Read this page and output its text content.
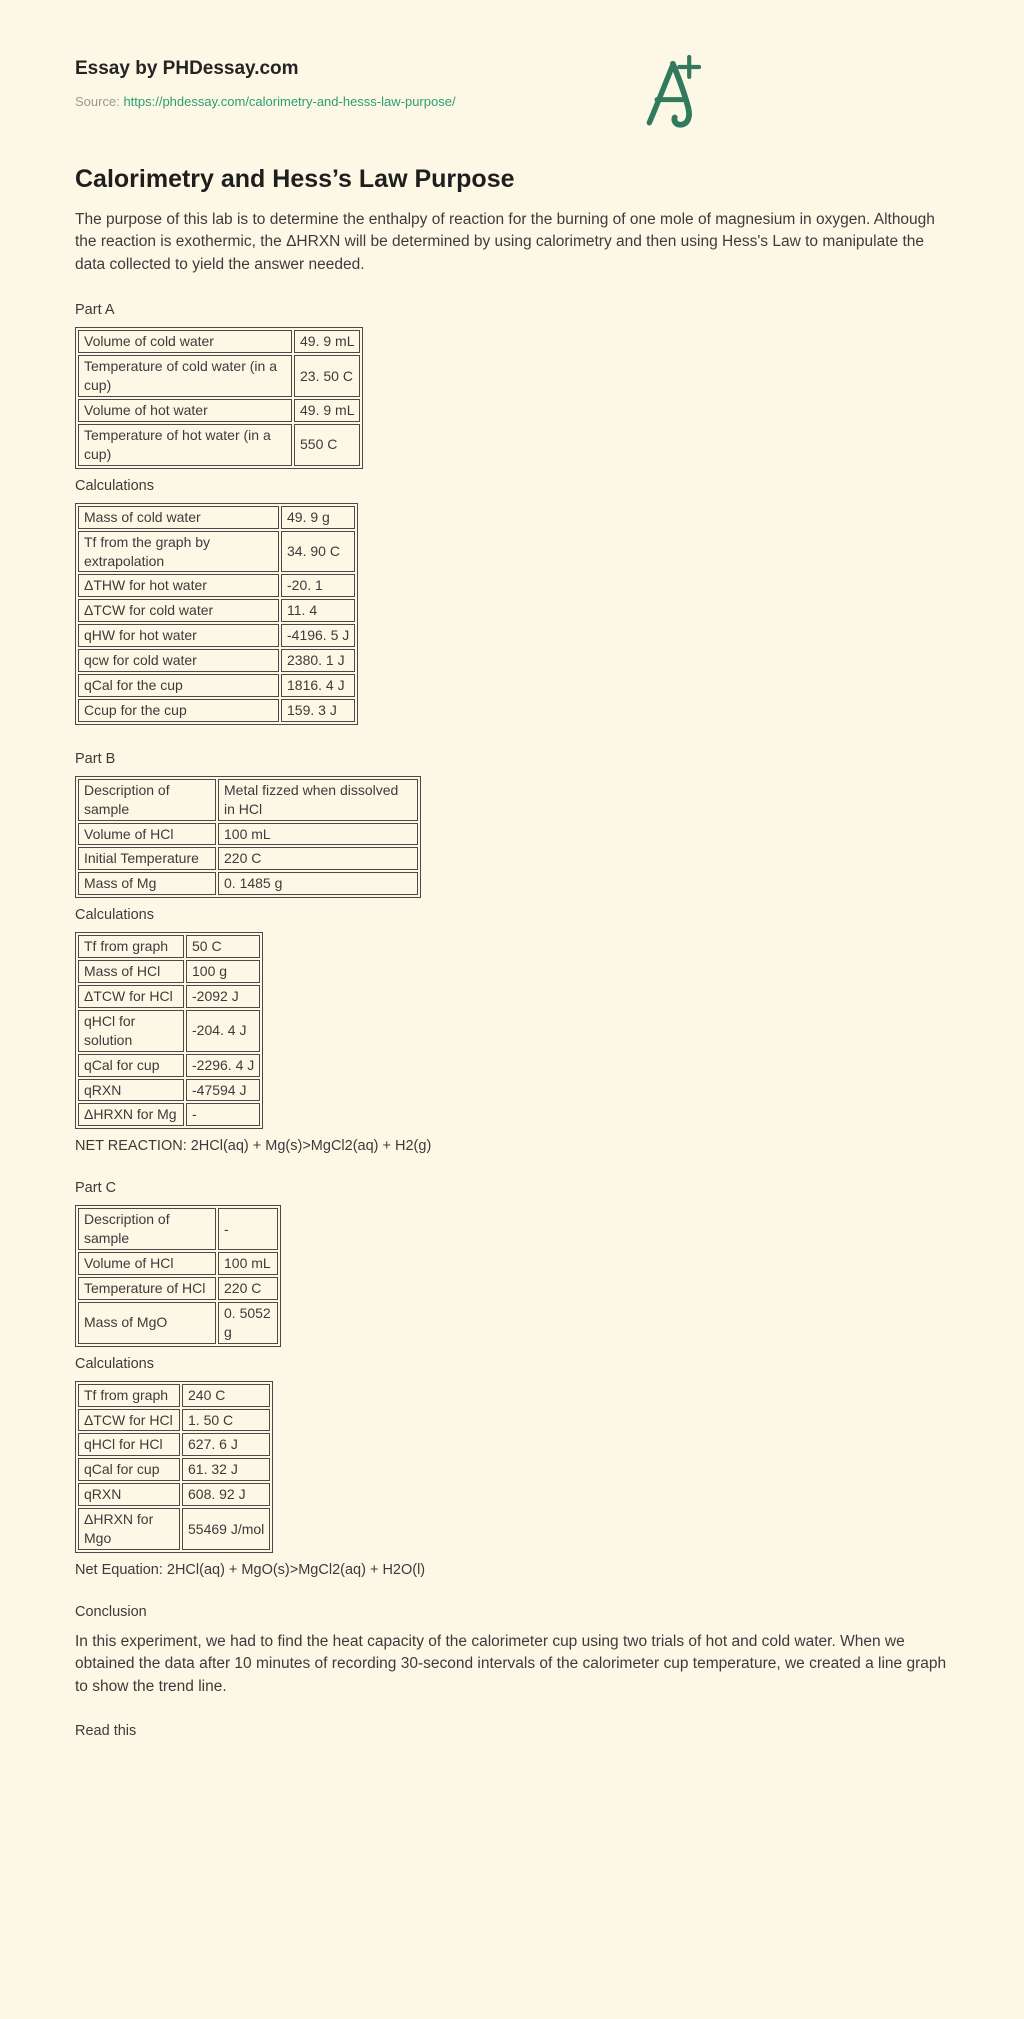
Essay by PHDessay.com

Source: https://phdessay.com/calorimetry-and-hesss-law-purpose/

Calorimetry and Hess’s Law Purpose

The purpose of this lab is to determine the enthalpy of reaction for the burning of one mole of magnesium in oxygen. Although the reaction is exothermic, the ΔHRXN will be determined by using calorimetry and then using Hess's Law to manipulate the data collected to yield the answer needed.

Part A

Volume of cold water	49. 9 mL
Temperature of cold water (in a cup)	23. 50 C
Volume of hot water	49. 9 mL
Temperature of hot water (in a cup)	550 C

Calculations

Mass of cold water	49. 9 g
Tf from the graph by extrapolation	34. 90 C
ΔTHW for hot water	-20. 1
ΔTCW for cold water	11. 4
qHW for hot water	-4196. 5 J
qcw for cold water	2380. 1 J
qCal for the cup	1816. 4 J
Ccup for the cup	159. 3 J

Part B

Description of sample	Metal fizzed when dissolved in HCl
Volume of HCl	100 mL
Initial Temperature	220 C
Mass of Mg	0. 1485 g

Calculations

Tf from graph	50 C
Mass of HCl	100 g
ΔTCW for HCl	-2092 J
qHCl for solution	-204. 4 J
qCal for cup	-2296. 4 J
qRXN	-47594 J
ΔHRXN for Mg	-

NET REACTION: 2HCl(aq) + Mg(s)>MgCl2(aq) + H2(g)

Part C

Description of sample	-
Volume of HCl	100 mL
Temperature of HCl	220 C
Mass of MgO	0. 5052 g

Calculations

Tf from graph	240 C
ΔTCW for HCl	1. 50 C
qHCl for HCl	627. 6 J
qCal for cup	61. 32 J
qRXN	608. 92 J
ΔHRXN for Mgo	55469 J/mol

Net Equation: 2HCl(aq) + MgO(s)>MgCl2(aq) + H2O(l)

Conclusion

In this experiment, we had to find the heat capacity of the calorimeter cup using two trials of hot and cold water. When we obtained the data after 10 minutes of recording 30-second intervals of the calorimeter cup temperature, we created a line graph to show the trend line.

Read this
